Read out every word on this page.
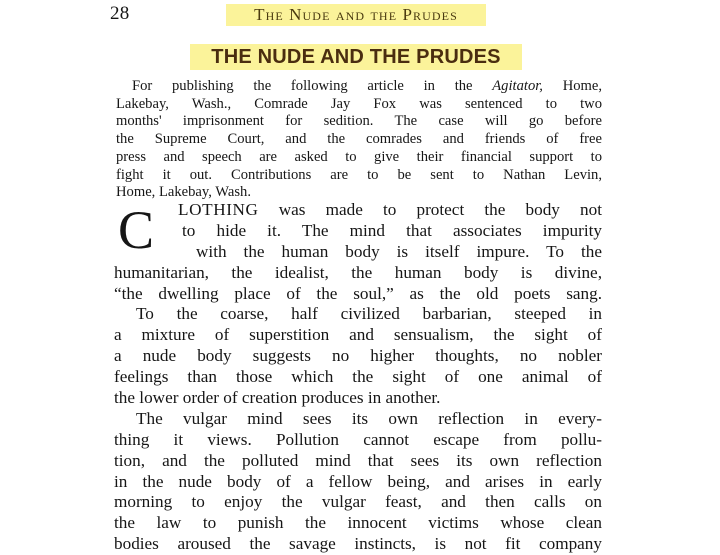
28	The Nude and the Prudes
THE NUDE AND THE PRUDES
For publishing the following article in the Agitator, Home,
Lakebay, Wash., Comrade Jay Fox was sentenced to two
months' imprisonment for sedition. The case will go before
the Supreme Court, and the comrades and friends of free
press and speech are asked to give their financial support to
fight it out. Contributions are to be sent to Nathan Levin,
Home, Lakebay, Wash.
C	LOTHING was made to protect the body not
to hide it. The mind that associates impurity
with the human body is itself impure. To the
humanitarian, the idealist, the human body is divine,
“the dwelling place of the soul,” as the old poets sang.
To the coarse, half civilized barbarian, steeped in
a mixture of superstition and sensualism, the sight of
a nude body suggests no higher thoughts, no nobler
feelings than those which the sight of one animal of
the lower order of creation produces in another.
The vulgar mind sees its own reflection in every-
thing it views. Pollution cannot escape from pollu-
tion, and the polluted mind that sees its own reflection
in the nude body of a fellow being, and arises in early
morning to enjoy the vulgar feast, and then calls on
the law to punish the innocent victims whose clean
bodies aroused the savage instincts, is not fit company
